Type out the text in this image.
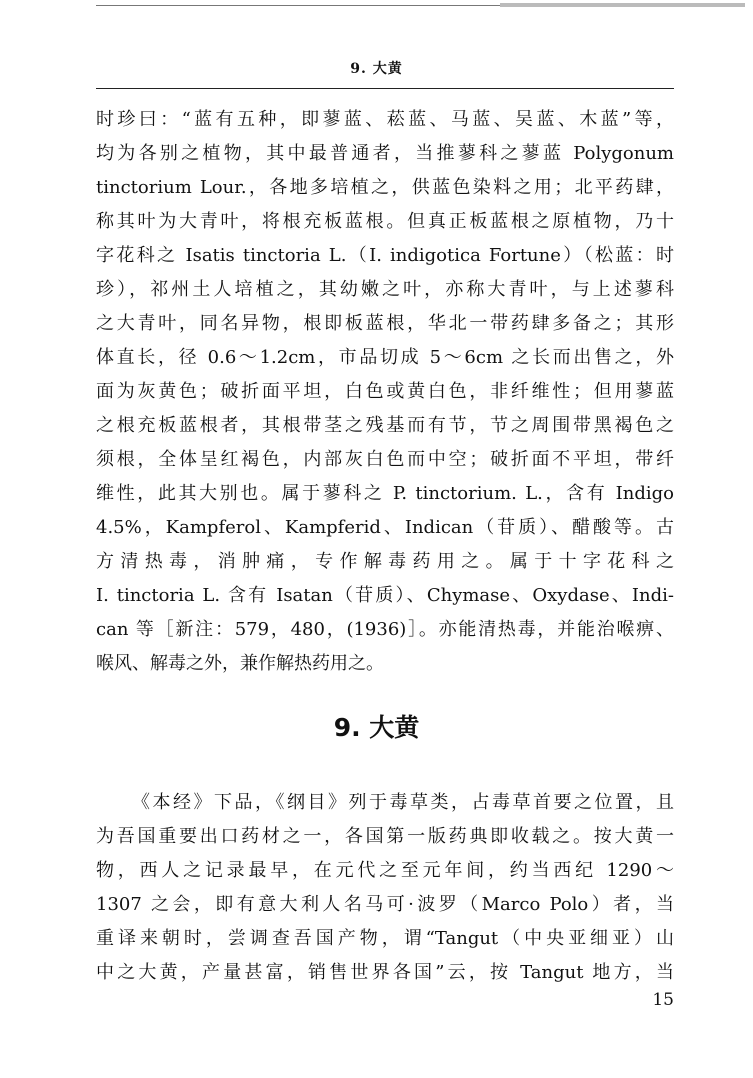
9. 大黄
时珍曰：“蓝有五种，即蓼蓝、菘蓝、马蓝、吴蓝、木蓝”等，
均为各别之植物，其中最普通者，当推蓼科之蓼蓝 Polygonum
tinctorium Lour.，各地多培植之，供蓝色染料之用；北平药肆，
称其叶为大青叶，将根充板蓝根。但真正板蓝根之原植物，乃十
字花科之 Isatis tinctoria L.（I. indigotica Fortune）（松蓝：时
珍），祁州土人培植之，其幼嫩之叶，亦称大青叶，与上述蓼科
之大青叶，同名异物，根即板蓝根，华北一带药肆多备之；其形
体直长，径 0.6～1.2cm，市品切成 5～6cm 之长而出售之，外
面为灰黄色；破折面平坦，白色或黄白色，非纤维性；但用蓼蓝
之根充板蓝根者，其根带茎之残基而有节，节之周围带黑褐色之
须根，全体呈红褐色，内部灰白色而中空；破折面不平坦，带纤
维性，此其大别也。属于蓼科之 P. tinctorium. L.，含有 Indigo
4.5%，Kampferol、Kampferid、Indican（苷质）、醋酸等。古
方清热毒，消肿痛，专作解毒药用之。属于十字花科之
I. tinctoria L. 含有 Isatan（苷质）、Chymase、Oxydase、Indi-
can 等［新注：579，480，(1936)］。亦能清热毒，并能治喉痹、
喉风、解毒之外，兼作解热药用之。
9. 大黄
《本经》下品，《纲目》列于毒草类，占毒草首要之位置，且
为吾国重要出口药材之一，各国第一版药典即收载之。按大黄一
物，西人之记录最早，在元代之至元年间，约当西纪 1290～
1307 之会，即有意大利人名马可·波罗（Marco Polo）者，当
重译来朝时，尝调查吾国产物，谓“Tangut（中央亚细亚）山
中之大黄，产量甚富，销售世界各国”云，按 Tangut 地方，当
15
